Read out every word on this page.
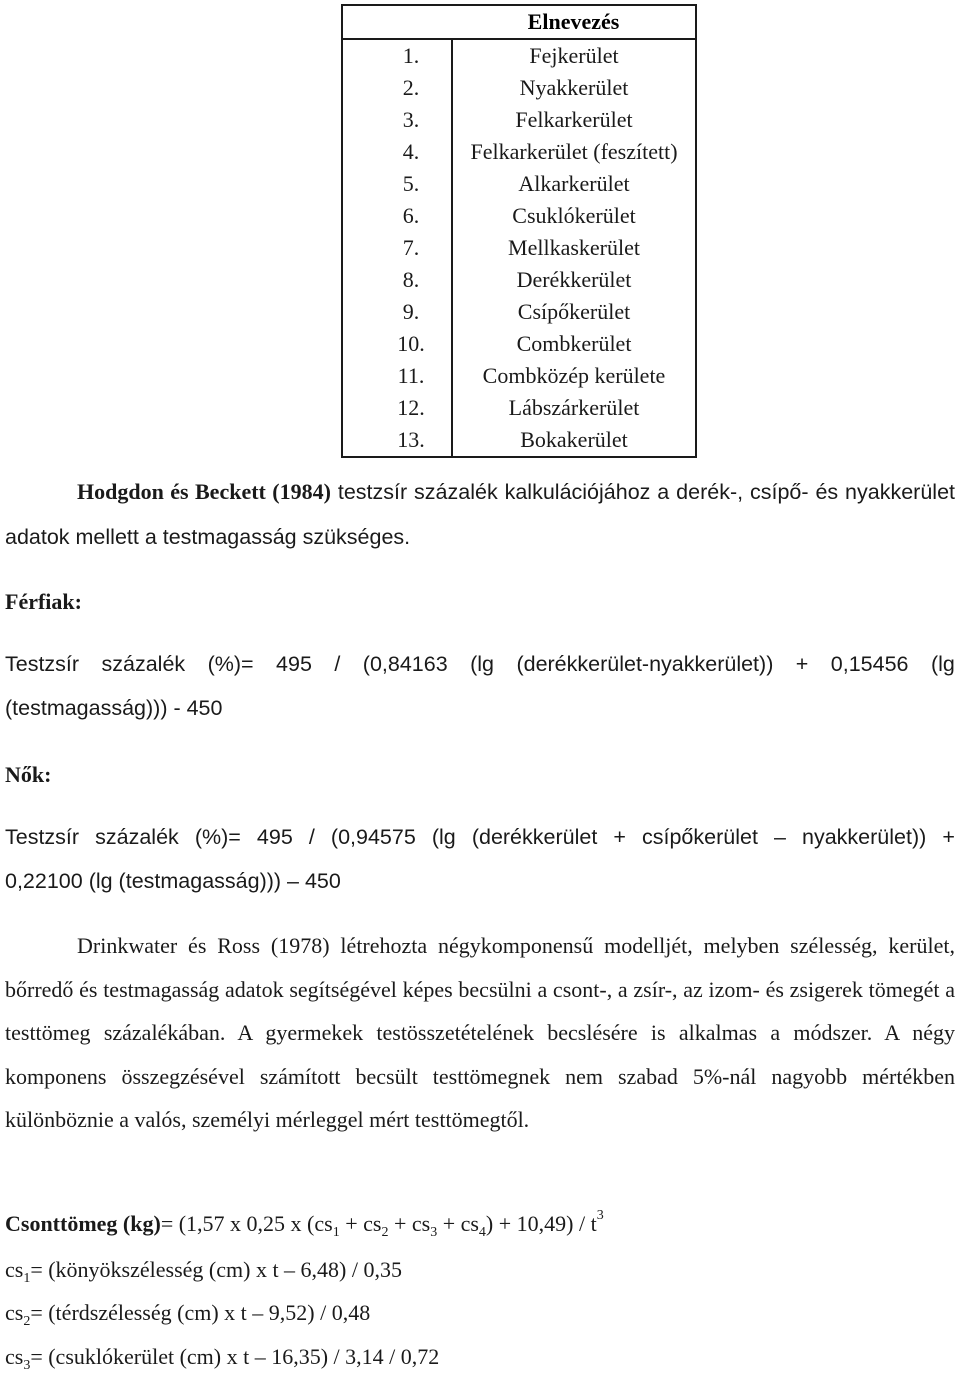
	Elnevezés
1.	Fejkerület
2.	Nyakkerület
3.	Felkarkerület
4.	Felkarkerület (feszített)
5.	Alkarkerület
6.	Csuklókerület
7.	Mellkaskerület
8.	Derékkerület
9.	Csípőkerület
10.	Combkerület
11.	Combközép kerülete
12.	Lábszárkerület
13.	Bokakerület
Hodgdon és Beckett (1984) testzsír százalék kalkulációjához a derék-, csípő- és nyakkerület adatok mellett a testmagasság szükséges.
Férfiak:
Testzsír százalék (%)= 495 / (0,84163 (lg (derékkerület-nyakkerület)) + 0,15456 (lg
(testmagasság))) - 450
Nők:
Testzsír százalék (%)= 495 / (0,94575 (lg (derékkerület + csípőkerület – nyakkerület)) +
0,22100 (lg (testmagasság))) – 450
Drinkwater és Ross (1978) létrehozta négykomponensű modelljét, melyben szélesség, kerület, bőrredő és testmagasság adatok segítségével képes becsülni a csont-, a zsír-, az izom- és zsigerek tömegét a testtömeg százalékában. A gyermekek testösszetételének becslésére is alkalmas a módszer. A négy komponens összegzésével számított becsült testtömegnek nem szabad 5%-nál nagyobb mértékben különböznie a valós, személyi mérleggel mért testtömegtől.
Csonttömeg (kg)= (1,57 x 0,25 x $(cs_1 + cs_2 + cs_3 + cs_4) + 10,49) / t^3$
$cs_1=$ (könyökszélesség (cm) x t – 6,48) / 0,35
$cs_2=$ (térdszélesség (cm) x t – 9,52) / 0,48
$cs_3=$ (csuklókerület (cm) x t – 16,35) / 3,14 / 0,72
